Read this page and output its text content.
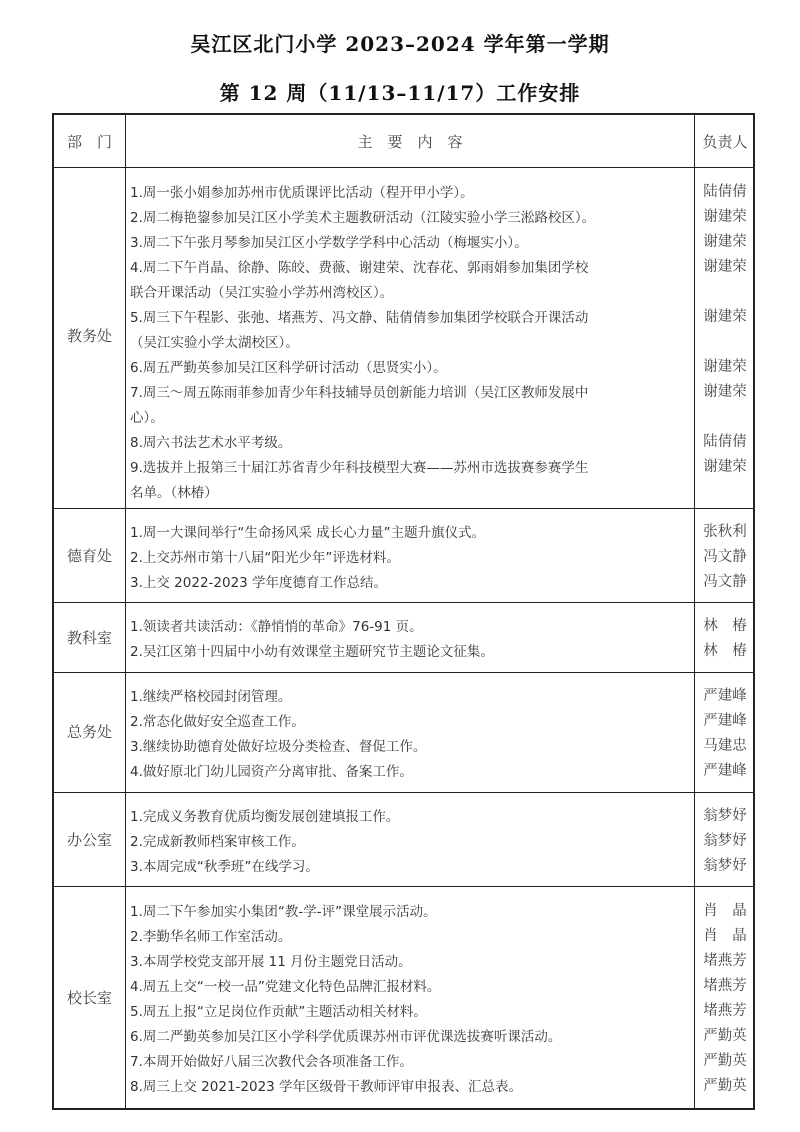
吴江区北门小学 2023–2024 学年第一学期
第 12 周（11/13–11/17）工作安排
部　门	主　要　内　容	负责人
教务处
1.周一张小娟参加苏州市优质课评比活动（程开甲小学）。	陆倩倩
2.周二梅艳鋆参加吴江区小学美术主题教研活动（江陵实验小学三淞路校区）。	谢建荣
3.周二下午张月琴参加吴江区小学数学学科中心活动（梅堰实小）。	谢建荣
4.周二下午肖晶、徐静、陈皎、费薇、谢建荣、沈春花、郭雨娟参加集团学校	谢建荣
联合开课活动（吴江实验小学苏州湾校区）。
5.周三下午程影、张弛、堵燕芳、冯文静、陆倩倩参加集团学校联合开课活动	谢建荣
（吴江实验小学太湖校区）。
6.周五严勤英参加吴江区科学研讨活动（思贤实小）。	谢建荣
7.周三～周五陈雨菲参加青少年科技辅导员创新能力培训（吴江区教师发展中	谢建荣
心）。
8.周六书法艺术水平考级。	陆倩倩
9.选拔并上报第三十届江苏省青少年科技模型大赛——苏州市选拔赛参赛学生	谢建荣
名单。（林椿）
德育处
1.周一大课间举行“生命扬风采 成长心力量”主题升旗仪式。	张秋利
2.上交苏州市第十八届“阳光少年”评选材料。	冯文静
3.上交 2022-2023 学年度德育工作总结。	冯文静
教科室
1.领读者共读活动：《静悄悄的革命》76-91 页。	林　椿
2.吴江区第十四届中小幼有效课堂主题研究节主题论文征集。	林　椿
总务处
1.继续严格校园封闭管理。	严建峰
2.常态化做好安全巡查工作。	严建峰
3.继续协助德育处做好垃圾分类检查、督促工作。	马建忠
4.做好原北门幼儿园资产分离审批、备案工作。	严建峰
办公室
1.完成义务教育优质均衡发展创建填报工作。	翁梦妤
2.完成新教师档案审核工作。	翁梦妤
3.本周完成“秋季班”在线学习。	翁梦妤
校长室
1.周二下午参加实小集团“教-学-评”课堂展示活动。	肖　晶
2.李勤华名师工作室活动。	肖　晶
3.本周学校党支部开展 11 月份主题党日活动。	堵燕芳
4.周五上交“一校一品”党建文化特色品牌汇报材料。	堵燕芳
5.周五上报“立足岗位作贡献”主题活动相关材料。	堵燕芳
6.周二严勤英参加吴江区小学科学优质课苏州市评优课选拔赛听课活动。	严勤英
7.本周开始做好八届三次教代会各项准备工作。	严勤英
8.周三上交 2021-2023 学年区级骨干教师评审申报表、汇总表。	严勤英
